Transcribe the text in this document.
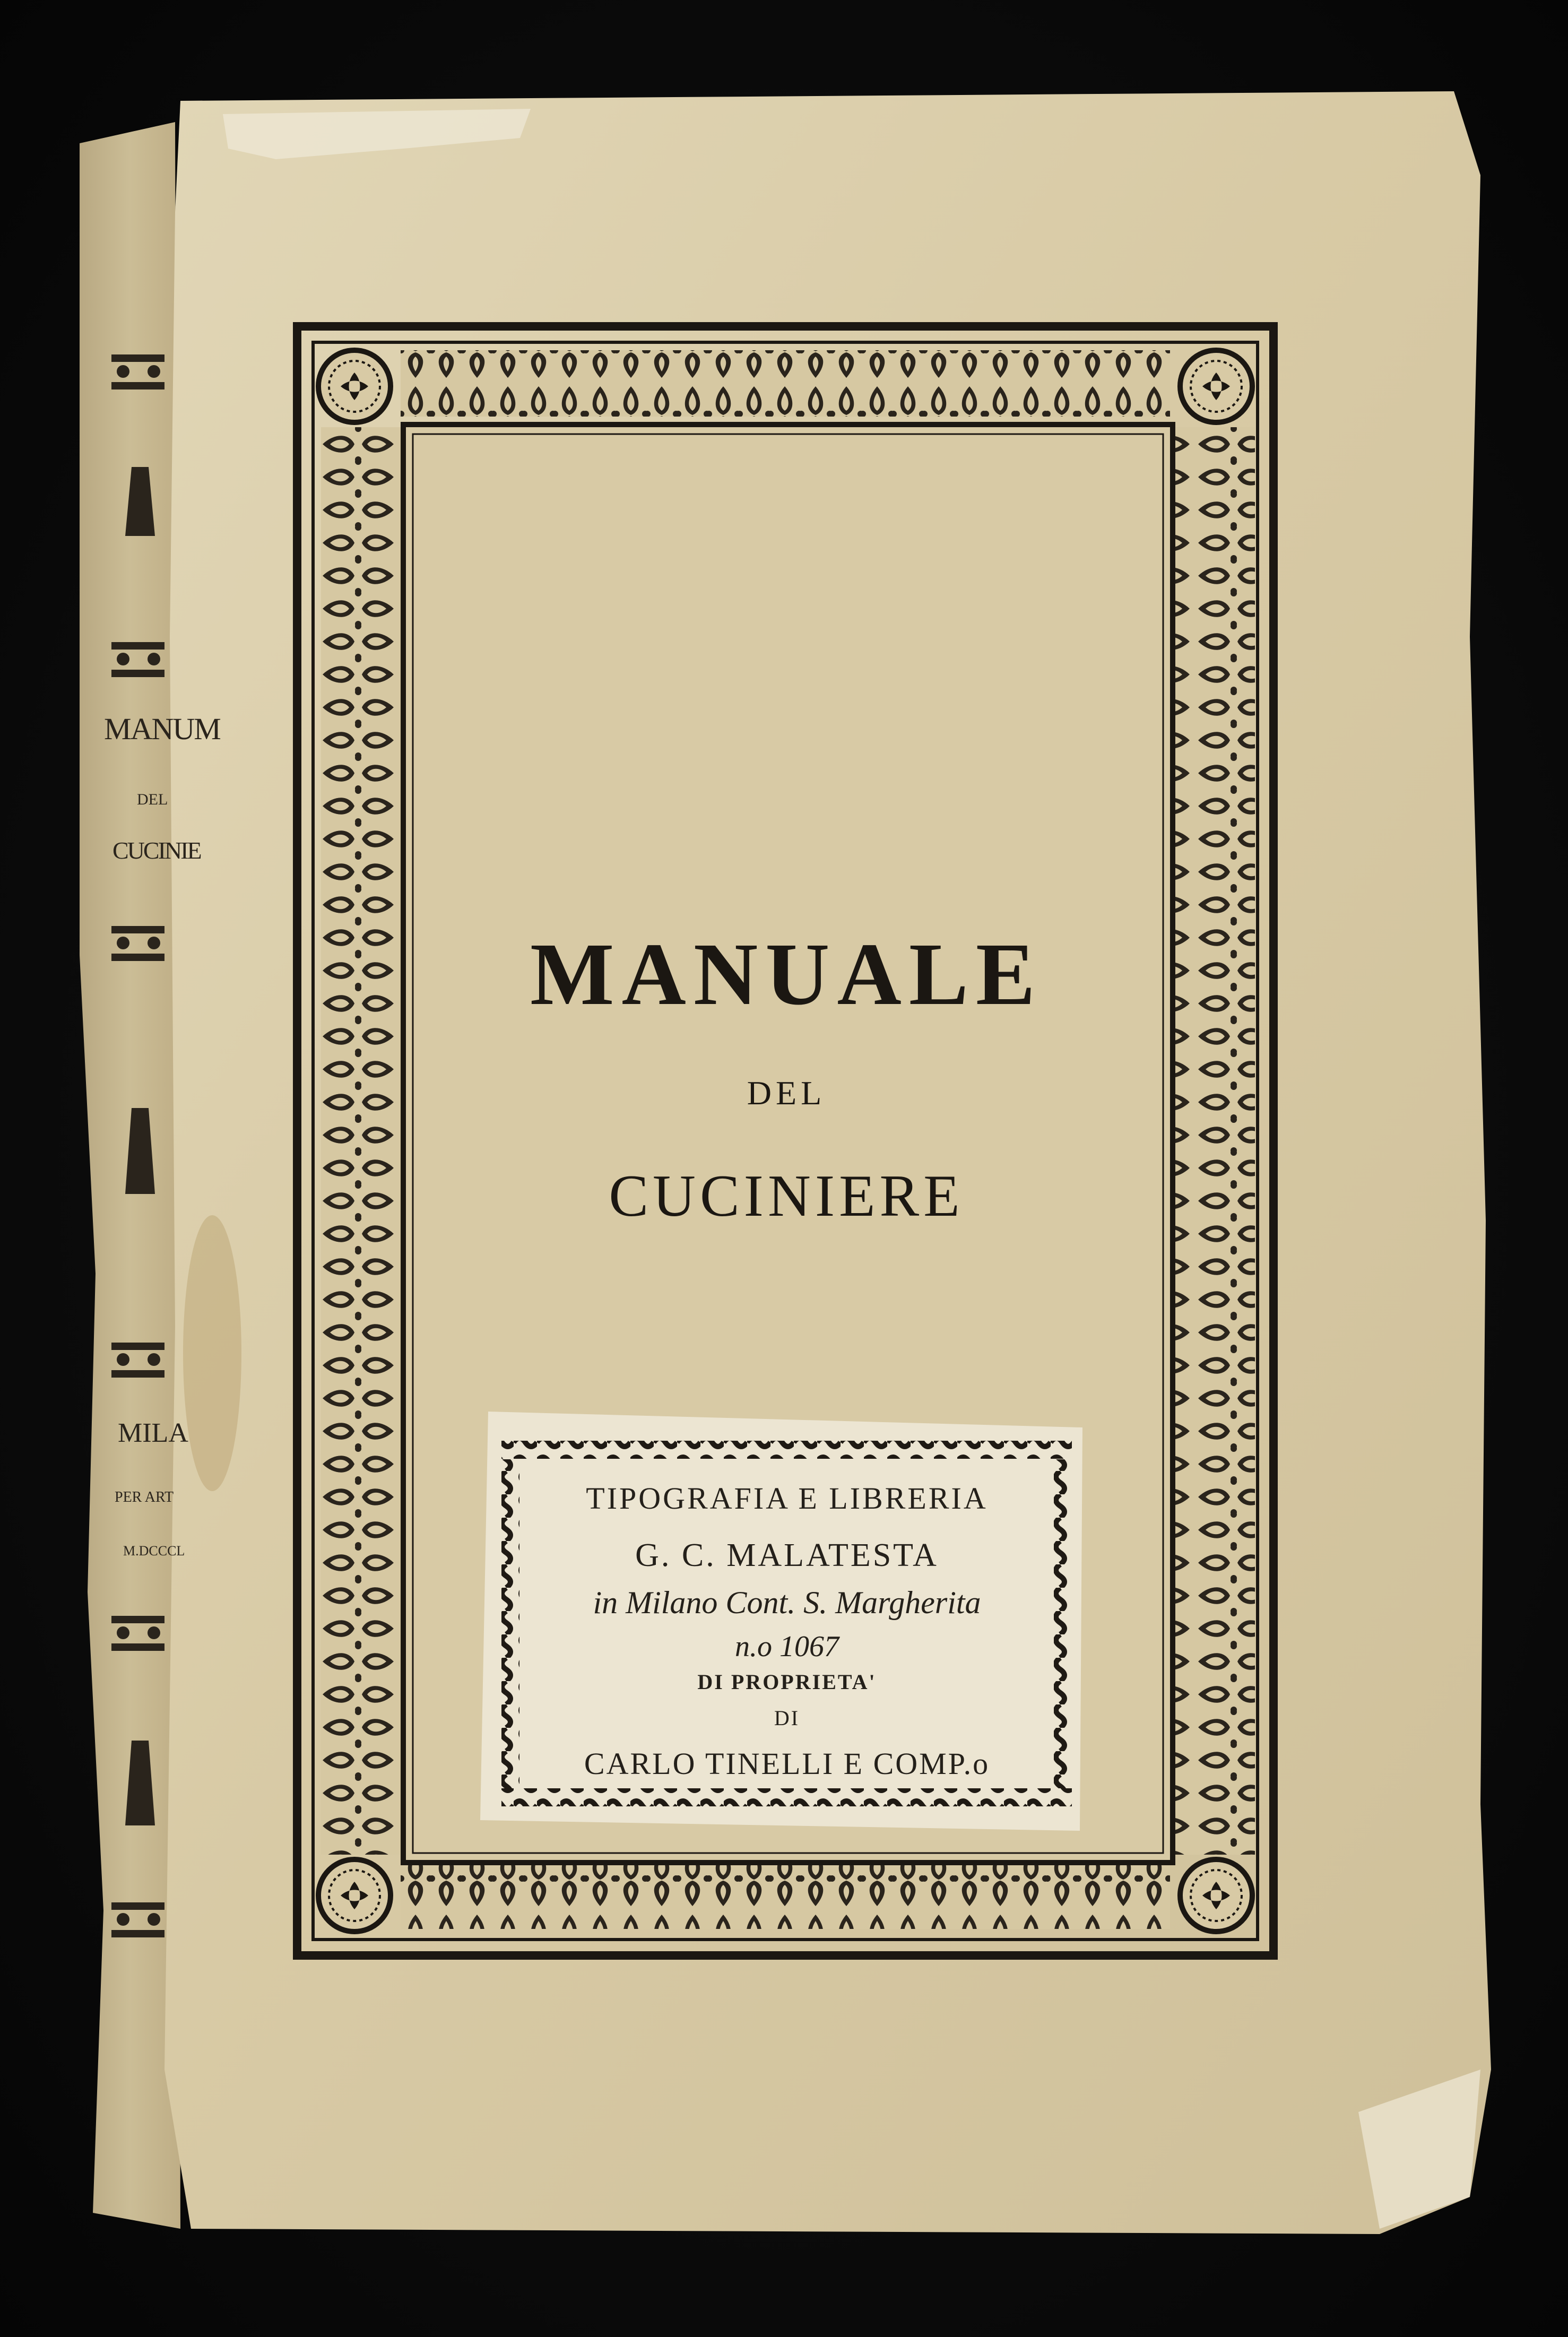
MANUALE
DEL
CUCINIERE
TIPOGRAFIA E LIBRERIA
G. C. MALATESTA
in Milano Cont. S. Margherita
n.o 1067
DI PROPRIETA'
DI
CARLO TINELLI E COMP.o
MANUM
DEL
CUCINIE
MILA
PER ART
M.DCCCL
